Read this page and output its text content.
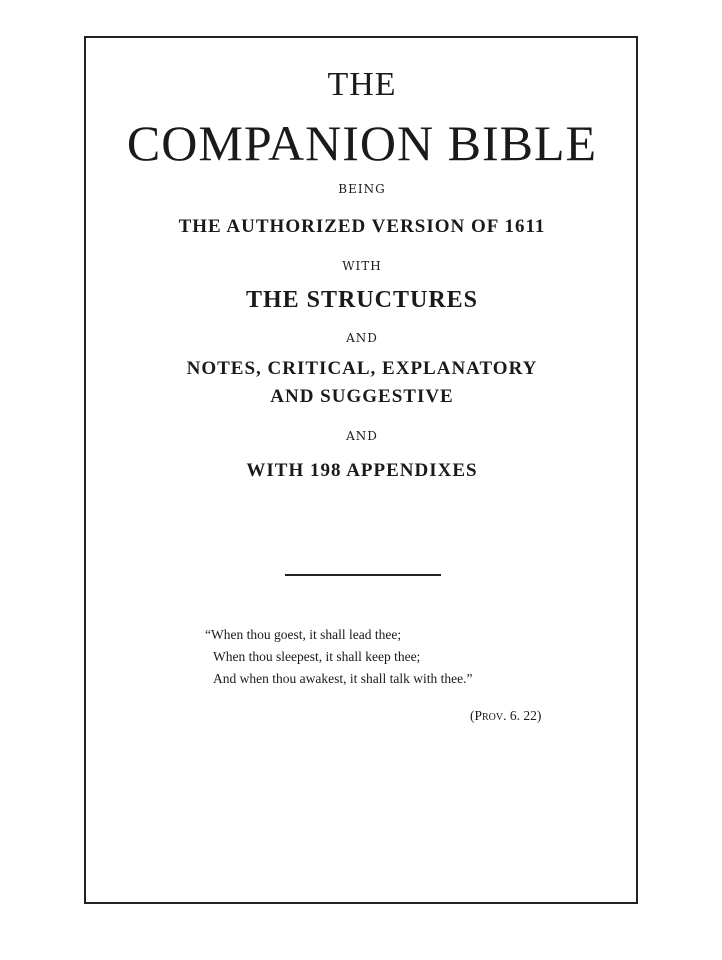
THE
COMPANION BIBLE
BEING
THE AUTHORIZED VERSION OF 1611
WITH
THE STRUCTURES
AND
NOTES, CRITICAL, EXPLANATORY
AND SUGGESTIVE
AND
WITH 198 APPENDIXES
“When thou goest, it shall lead thee;
When thou sleepest, it shall keep thee;
And when thou awakest, it shall talk with thee.”
(PROV. 6. 22)
